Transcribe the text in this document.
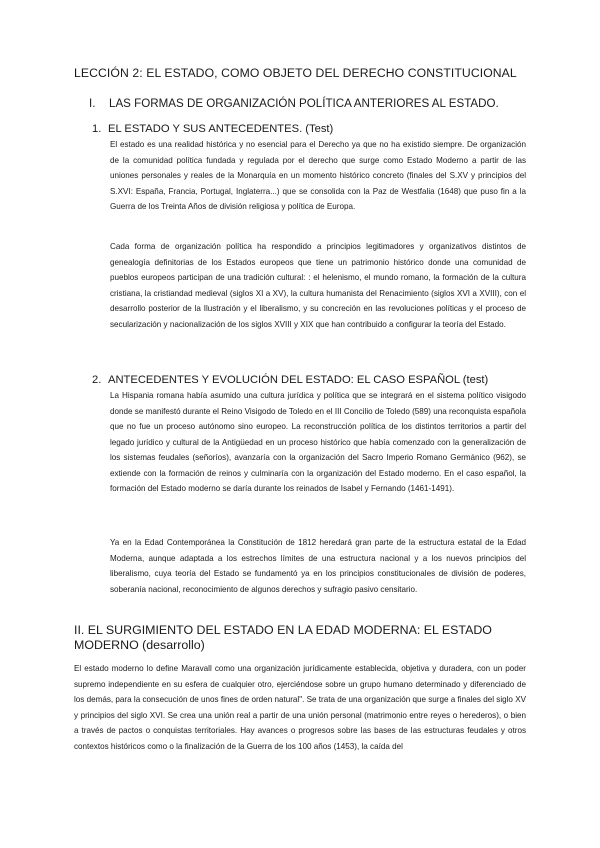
LECCIÓN 2: EL ESTADO, COMO OBJETO DEL DERECHO CONSTITUCIONAL
I. LAS FORMAS DE ORGANIZACIÓN POLÍTICA ANTERIORES AL ESTADO.
1. EL ESTADO Y SUS ANTECEDENTES. (Test)

El estado es una realidad histórica y no esencial para el Derecho ya que no ha existido siempre. De organización de la comunidad política fundada y regulada por el derecho que surge como Estado Moderno a partir de las uniones personales y reales de la Monarquía en un momento histórico concreto (finales del S.XV y principios del S.XVI: España, Francia, Portugal, Inglaterra...) que se consolida con la Paz de Westfalia (1648) que puso fin a la Guerra de los Treinta Años de división religiosa y política de Europa.

Cada forma de organización política ha respondido a principios legitimadores y organizativos distintos de genealogía definitorias de los Estados europeos que tiene un patrimonio histórico donde una comunidad de pueblos europeos participan de una tradición cultural: : el helenismo, el mundo romano, la formación de la cultura cristiana, la cristiandad medieval (siglos XI a XV), la cultura humanista del Renacimiento (siglos XVI a XVIII), con el desarrollo posterior de la Ilustración y el liberalismo, y su concreción en las revoluciones políticas y el proceso de secularización y nacionalización de los siglos XVIII y XIX que han contribuido a configurar la teoría del Estado.

2. ANTECEDENTES Y EVOLUCIÓN DEL ESTADO: EL CASO ESPAÑOL (test)

La Hispania romana había asumido una cultura jurídica y política que se integrará en el sistema político visigodo donde se manifestó durante el Reino Visigodo de Toledo en el III Concilio de Toledo (589) una reconquista española que no fue un proceso autónomo sino europeo. La reconstrucción política de los distintos territorios a partir del legado jurídico y cultural de la Antigüedad en un proceso histórico que había comenzado con la generalización de los sistemas feudales (señoríos), avanzaría con la organización del Sacro Imperio Romano Germánico (962), se extiende con la formación de reinos y culminaría con la organización del Estado moderno. En el caso español, la formación del Estado moderno se daría durante los reinados de Isabel y Fernando (1461-1491).

Ya en la Edad Contemporánea la Constitución de 1812 heredará gran parte de la estructura estatal de la Edad Moderna, aunque adaptada a los estrechos límites de una estructura nacional y a los nuevos principios del liberalismo, cuya teoría del Estado se fundamentó ya en los principios constitucionales de división de poderes, soberanía nacional, reconocimiento de algunos derechos y sufragio pasivo censitario.

II. EL SURGIMIENTO DEL ESTADO EN LA EDAD MODERNA: EL ESTADO MODERNO (desarrollo)

El estado moderno lo define Maravall como una organización jurídicamente establecida, objetiva y duradera, con un poder supremo independiente en su esfera de cualquier otro, ejerciéndose sobre un grupo humano determinado y diferenciado de los demás, para la consecución de unos fines de orden natural". Se trata de una organización que surge a finales del siglo XV y principios del siglo XVI. Se crea una unión real a partir de una unión personal (matrimonio entre reyes o herederos), o bien a través de pactos o conquistas territoriales. Hay avances o progresos sobre las bases de las estructuras feudales y otros contextos históricos como o la finalización de la Guerra de los 100 años (1453), la caída del
